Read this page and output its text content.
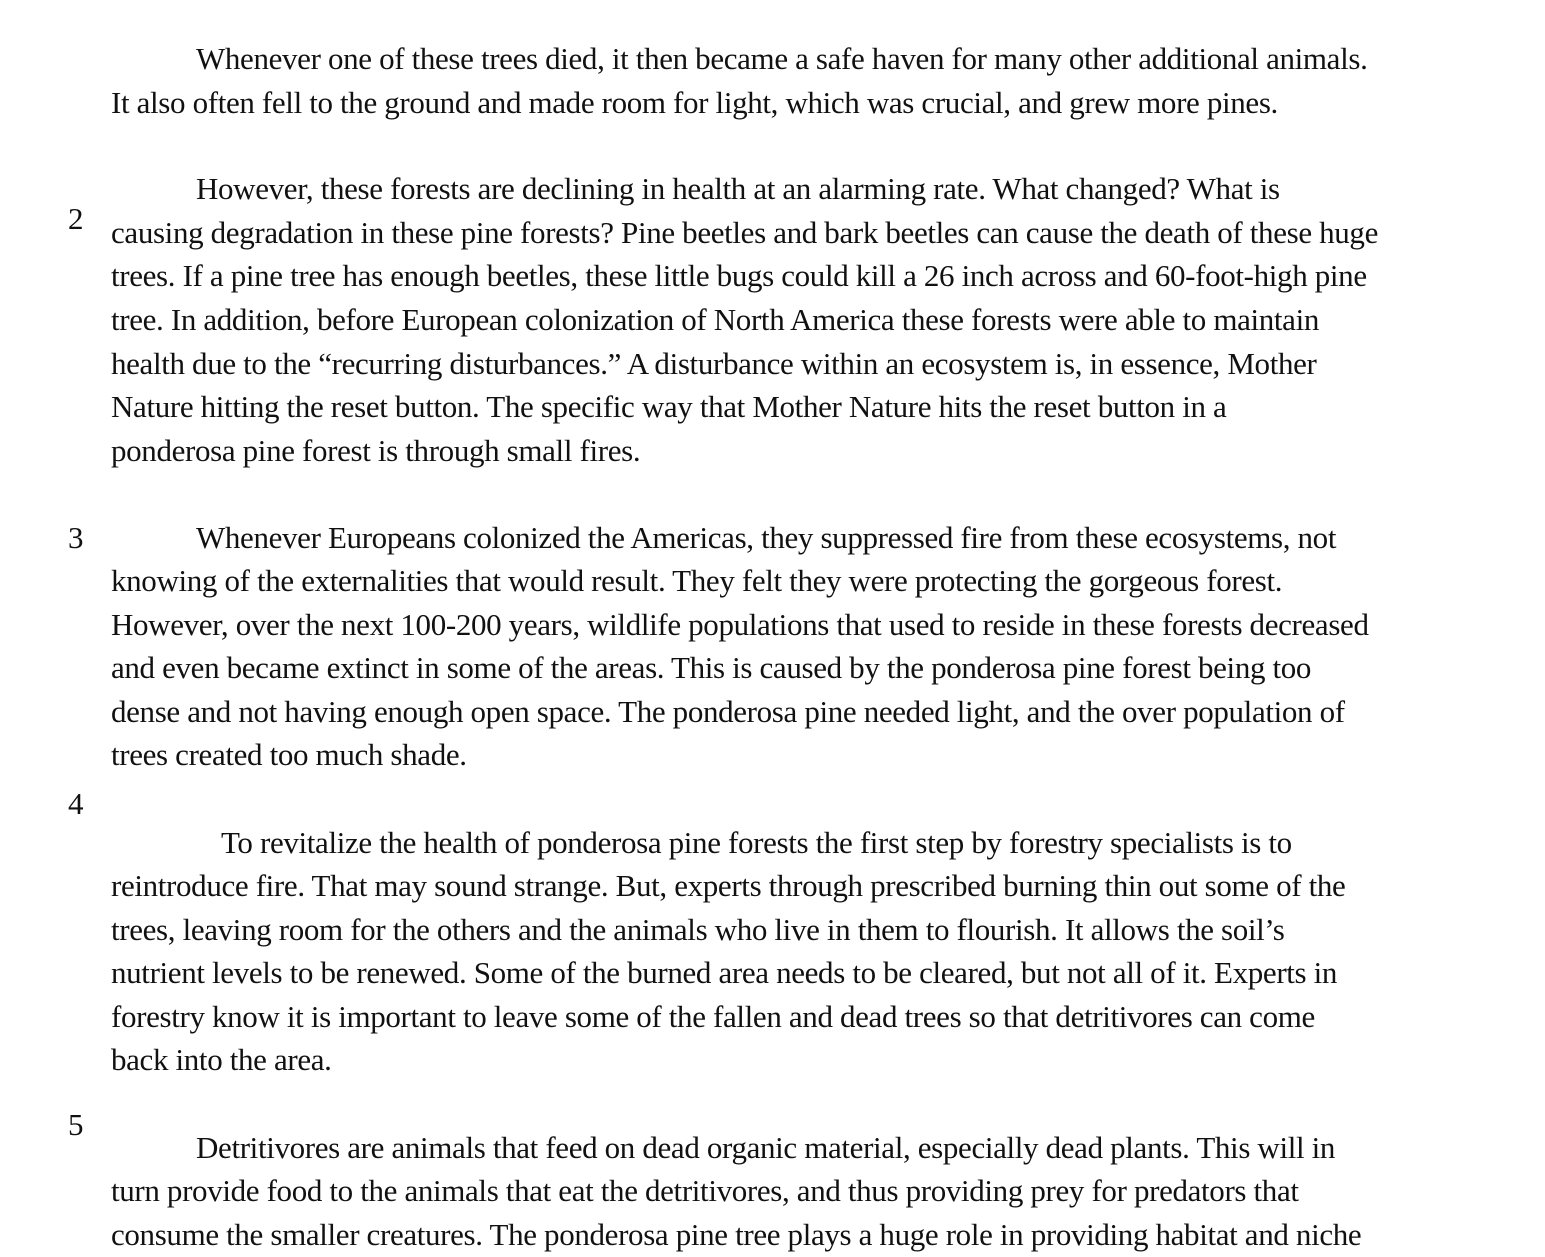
Whenever one of these trees died, it then became a safe haven for many other additional animals.
It also often fell to the ground and made room for light, which was crucial, and grew more pines.
2
However, these forests are declining in health at an alarming rate. What changed? What is
causing degradation in these pine forests? Pine beetles and bark beetles can cause the death of these huge
trees. If a pine tree has enough beetles, these little bugs could kill a 26 inch across and 60-foot-high pine
tree. In addition, before European colonization of North America these forests were able to maintain
health due to the “recurring disturbances.” A disturbance within an ecosystem is, in essence, Mother
Nature hitting the reset button. The specific way that Mother Nature hits the reset button in a
ponderosa pine forest is through small fires.
3	Whenever Europeans colonized the Americas, they suppressed fire from these ecosystems, not
knowing of the externalities that would result. They felt they were protecting the gorgeous forest.
However, over the next 100-200 years, wildlife populations that used to reside in these forests decreased
and even became extinct in some of the areas. This is caused by the ponderosa pine forest being too
dense and not having enough open space. The ponderosa pine needed light, and the over population of
trees created too much shade.
4
To revitalize the health of ponderosa pine forests the first step by forestry specialists is to
reintroduce fire. That may sound strange. But, experts through prescribed burning thin out some of the
trees, leaving room for the others and the animals who live in them to flourish. It allows the soil’s
nutrient levels to be renewed. Some of the burned area needs to be cleared, but not all of it. Experts in
forestry know it is important to leave some of the fallen and dead trees so that detritivores can come
back into the area.
5
Detritivores are animals that feed on dead organic material, especially dead plants. This will in
turn provide food to the animals that eat the detritivores, and thus providing prey for predators that
consume the smaller creatures. The ponderosa pine tree plays a huge role in providing habitat and niche
